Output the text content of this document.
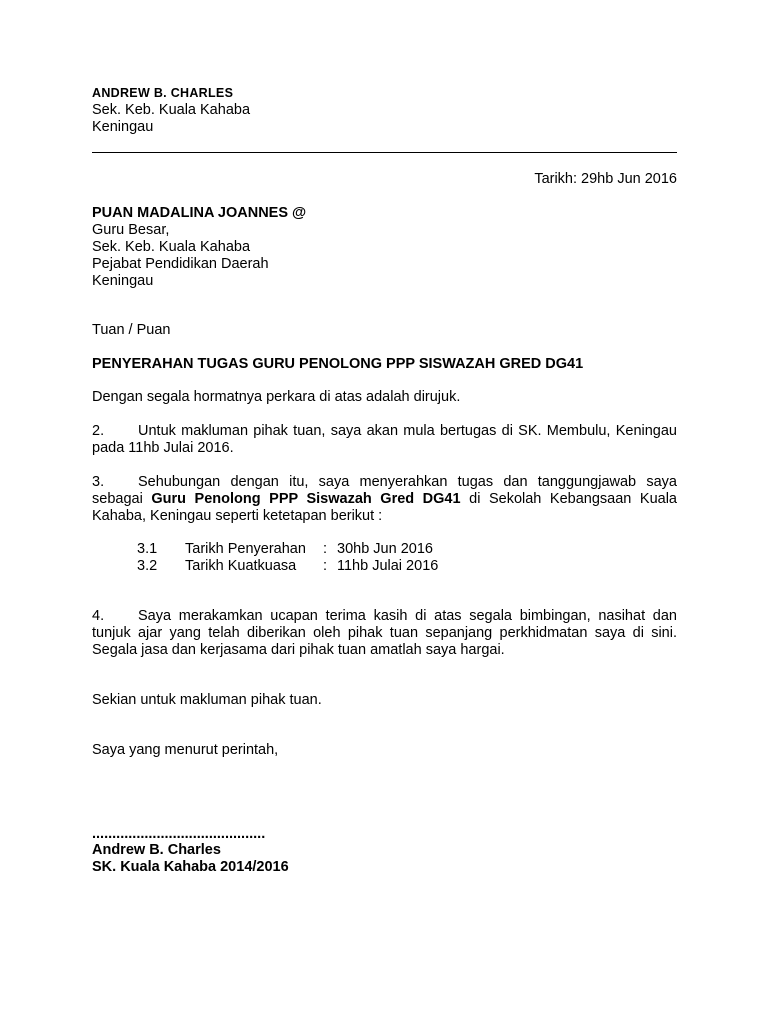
ANDREW B. CHARLES
Sek. Keb. Kuala Kahaba
Keningau
Tarikh: 29hb Jun 2016
PUAN MADALINA JOANNES @
Guru Besar,
Sek. Keb. Kuala Kahaba
Pejabat Pendidikan Daerah
Keningau
Tuan / Puan
PENYERAHAN TUGAS GURU PENOLONG PPP SISWAZAH GRED DG41
Dengan segala hormatnya perkara di atas adalah dirujuk.
2. Untuk makluman pihak tuan, saya akan mula bertugas di SK. Membulu, Keningau pada 11hb Julai 2016.
3. Sehubungan dengan itu, saya menyerahkan tugas dan tanggungjawab saya sebagai Guru Penolong PPP Siswazah Gred DG41 di Sekolah Kebangsaan Kuala Kahaba, Keningau seperti ketetapan berikut :
3.1 Tarikh Penyerahan : 30hb Jun 2016
3.2 Tarikh Kuatkuasa : 11hb Julai 2016
4. Saya merakamkan ucapan terima kasih di atas segala bimbingan, nasihat dan tunjuk ajar yang telah diberikan oleh pihak tuan sepanjang perkhidmatan saya di sini. Segala jasa dan kerjasama dari pihak tuan amatlah saya hargai.
Sekian untuk makluman pihak tuan.
Saya yang menurut perintah,
...........................................
Andrew B. Charles
SK. Kuala Kahaba 2014/2016
